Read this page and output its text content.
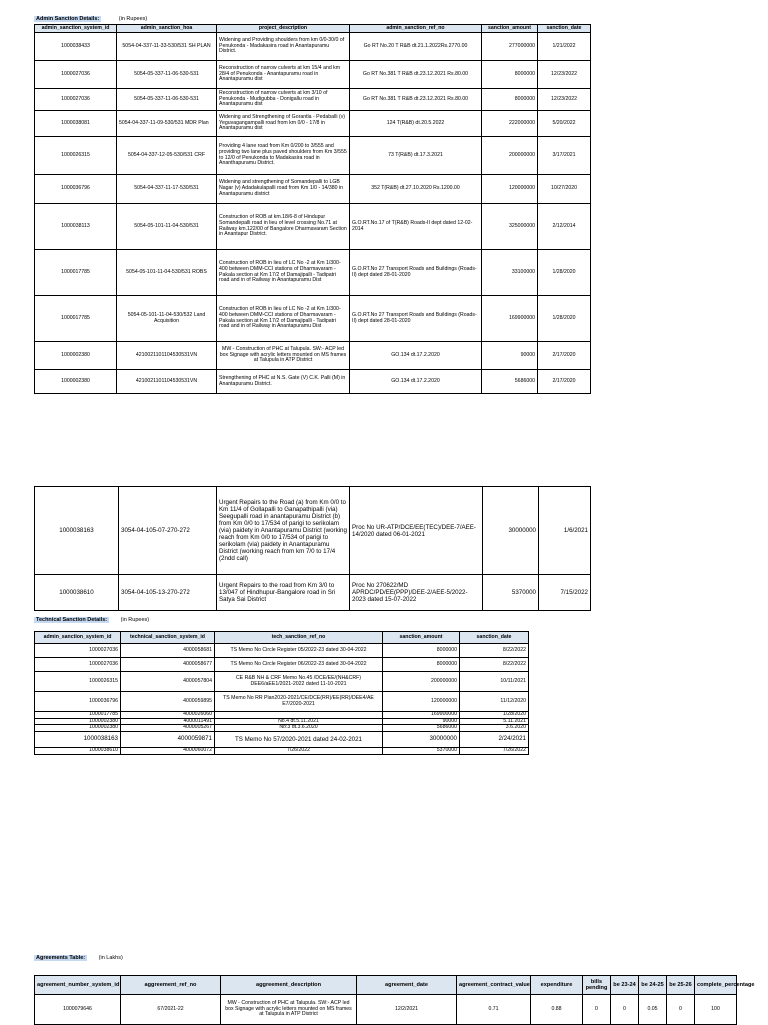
Admin Sanction Details:	(in Rupees)
admin_sanction_system_id	admin_sanction_hoa	project_description	admin_sanction_ref_no	sanction_amount	sanction_date
1000038433	5054-04-337-11-33-530/531 SH PLAN	Widening and Providing shoulders from km 0/0-30/0 of Penukonda - Madakasira road in Anantapuramu District.	Go RT No.20 T R&B dt.21.1.2022Rs.2770.00	277000000	1/21/2022
1000027036	5054-05-337-11-06-530-531	Reconstruction of narrow culverts at km 15/4 and km 28/4 of Penukonda - Anantapuramu road in Anantapuramu dist	Go RT No.381 T R&B dt.23.12.2021 Rs.80.00	8000000	12/23/2022
1000027036	5054-05-337-11-06-530-531	Reconstruction of narrow culverts at km 3/10 of Penukonda - Mudigubba - Donigallu road in Anantapuramu dist	Go RT No.381 T R&B dt.23.12.2021 Rs.80.00	8000000	12/23/2022
1000038081	5054-04-337-11-09-530/531 MDR Plan	Widening and Strengthening of Gorantla - Pedaballi (v) Yeguvagangampalli road from km 0/0 - 17/8 in Anantapuramu dist	124 T(R&B) dt.20.5.2022	222000000	5/20/2022
1000026315	5054-04-337-12-05-530/531 CRF	Providing 4 lane road from Km 0/200 to 3/555 and providing two lane plus paved shoulders from Km 3/555 to 12/0 of Penukonda to Madakasira road in Ananthapuramu District.	73 T(R&B) dt.17.3.2021	200000000	3/17/2021
1000036796	5054-04-337-11-17-530/531	Widening and strengthening of Somandepalli to LGB Nagar (v) Adadakulapalli road from Km 1/0 - 14/380 in Anantapuramu district	352 T(R&B) dt.27.10.2020 Rs.1200.00	120000000	10/27/2020
1000038113	5054-05-101-11-04-530/531	Construction of ROB at km.18/6-8 of Hindupur Somandepalli road in lieu of level crossing No.71 at Railway km.122/00 of Bangalore Dharmavaram Section in Anantapur District.	G.O.RT.No.17 of T(R&B) Roads-II dept dated 12-02-2014	325000000	2/12/2014
1000017785	5054-05-101-11-04-530/531 ROBS	Construction of ROB in lieu of LC No -2 at Km 1/300-400 between DMM-CCI stations of Dharmavaram - Pakala section at Km 17/2 of Damajipalli - Tadipatri road and in of Railway in Anantapuramu Dist	G.O.RT.No 27 Transport Roads and Buildings (Roads-II) dept dated 28-01-2020	33100000	1/28/2020
1000017785	5054-05-101-11-04-530/532 Land Acquisition	Construction of ROB in lieu of LC No -2 at Km 1/300-400 between DMM-CCI stations of Dharmavaram - Pakala section at Km 17/2 of Damajipalli - Tadipatri road and in of Railway in Anantapuramu Dist	G.O.RT.No 27 Transport Roads and Buildings (Roads-II) dept dated 28-01-2020	169900000	1/28/2020
1000002380	4210021101104530531VN	MW - Construction of PHC at Talupula. SW:- ACP led box Signage with acrylic letters mounted on MS frames at Talupula in ATP District	GO.134 dt.17.2.2020	90000	2/17/2020
1000002380	4210021101104530531VN	Strengthening of PHC at N.S. Gate (V) C.K. Palli (M) in Anantapuramu District.	GO.134 dt.17.2.2020	5686000	2/17/2020
1000038163	3054-04-105-07-270-272	Urgent Repairs to the Road (a) from Km 0/0 to Km 11/4 of Gollapalli to Ganapathipalli (via) Seegupalli road in anantapuramu District (b) from Km 0/0 to 17/534 of parigi to serikolam (via) paidety in Anantapuramu District (working reach from Km 0/0 to 17/534 of parigi to serikolam (via) paidety in Anantapuramu District (working reach from km 7/0 to 17/4 (2ndd call)	Proc No UR-ATP/DCE/EE(TEC)/DEE-7/AEE-14/2020 dated 06-01-2021	30000000	1/6/2021
1000038610	3054-04-105-13-270-272	Urgent Repairs to the road from Km 3/0 to 13/047 of Hindhupur-Bangalore road in Sri Satya Sai District	Proc No 270622/MD APRDC/PD/EE(PPP)/DEE-2/AEE-5/2022-2023 dated 15-07-2022	5370000	7/15/2022
Technical Sanction Details: (in Rupees)
admin_sanction_system_id	technical_sanction_system_id	tech_sanction_ref_no	sanction_amount	sanction_date
1000027036	4000058681	TS Memo No Circle Register 05/2022-23 dated 30-04-2022	8000000	8/22/2022
1000027036	4000058677	TS Memo No Circle Register 06/2022-23 dated 30-04-2022	8000000	8/22/2022
1000026315	4000057804	CE R&B NH & CRF Memo No.45 /DCE/EE/(NH&CRF) DEE6/aEE1/2021-2022 dated 11-10-2021	200000000	10/11/2021
1000036796	4000059895	TS Memo No RR Plan2020-2021/CE/DCE(RR)/EE(RR)/DEE4/AE E7/2020-2021	120000000	11/12/2020
1000017785	4000026060		169900000	1/28/2020
1000002380	4000011491	No.4 dt.5.11.2021	90000	5.11.2021
1000002380	4000005267	No:3 dt.3.6.2020	5686000	3.6.2020
1000038163	4000059871	TS Memo No 57/2020-2021 dated 24-02-2021	30000000	2/24/2021
1000038610	4000060072	7/26/2022	5370000	7/26/2022
Agreements Table: (in Lakhs)
agreement_number_system_id	aggreement_ref_no	aggreement_description	agreement_date	agreement_contract_value	expenditure	bills pending	be 23-24	be 24-25	be 25-26	complete_percentage
1000079646	67/2021-22	MW - Construction of PHC at Talupula. SW:- ACP led box Signage with acrylic letters mounted on MS frames at Talupula in ATP District	12/2/2021	0.71	0.88	0	0	0.05	0	100
